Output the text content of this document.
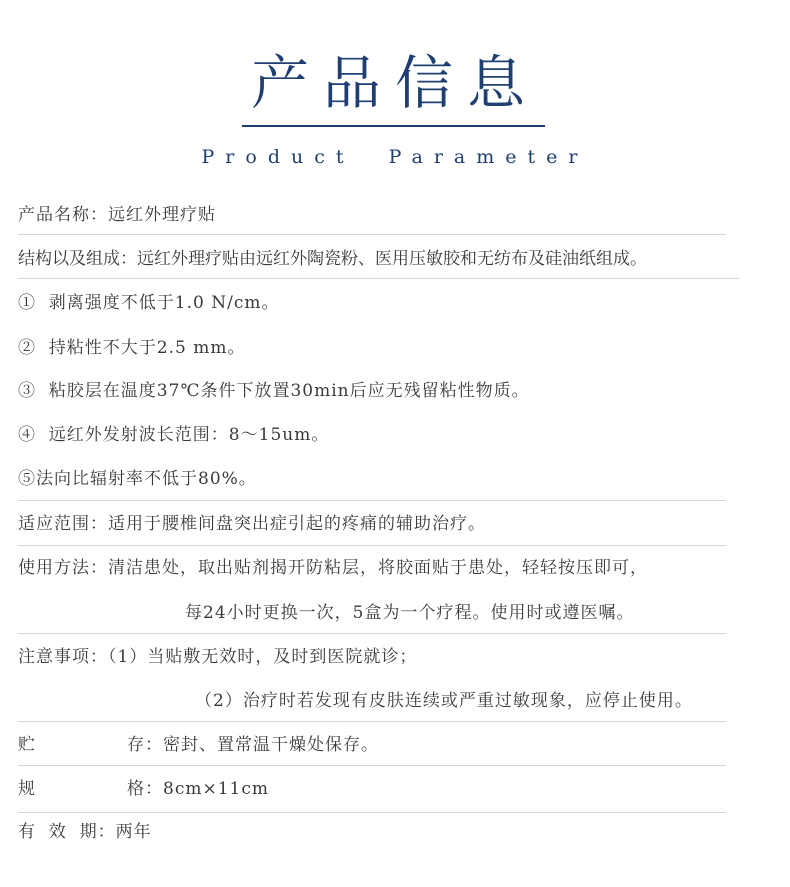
产品信息
Product  Parameter
产品名称：远红外理疗贴
结构以及组成：远红外理疗贴由远红外陶瓷粉、医用压敏胶和无纺布及硅油纸组成。
①  剥离强度不低于1.0 N/cm。
②  持粘性不大于2.5 mm。
③  粘胶层在温度37℃条件下放置30min后应无残留粘性物质。
④  远红外发射波长范围：8～15um。
⑤法向比辐射率不低于80%。
适应范围：适用于腰椎间盘突出症引起的疼痛的辅助治疗。
使用方法：清洁患处，取出贴剂揭开防粘层，将胶面贴于患处，轻轻按压即可，
每24小时更换一次，5盒为一个疗程。使用时或遵医嘱。
注意事项：（1）当贴敷无效时，及时到医院就诊；
（2）治疗时若发现有皮肤连续或严重过敏现象，应停止使用。
贮	存：密封、置常温干燥处保存。
规	格：8cm×11cm
有  效  期：两年
